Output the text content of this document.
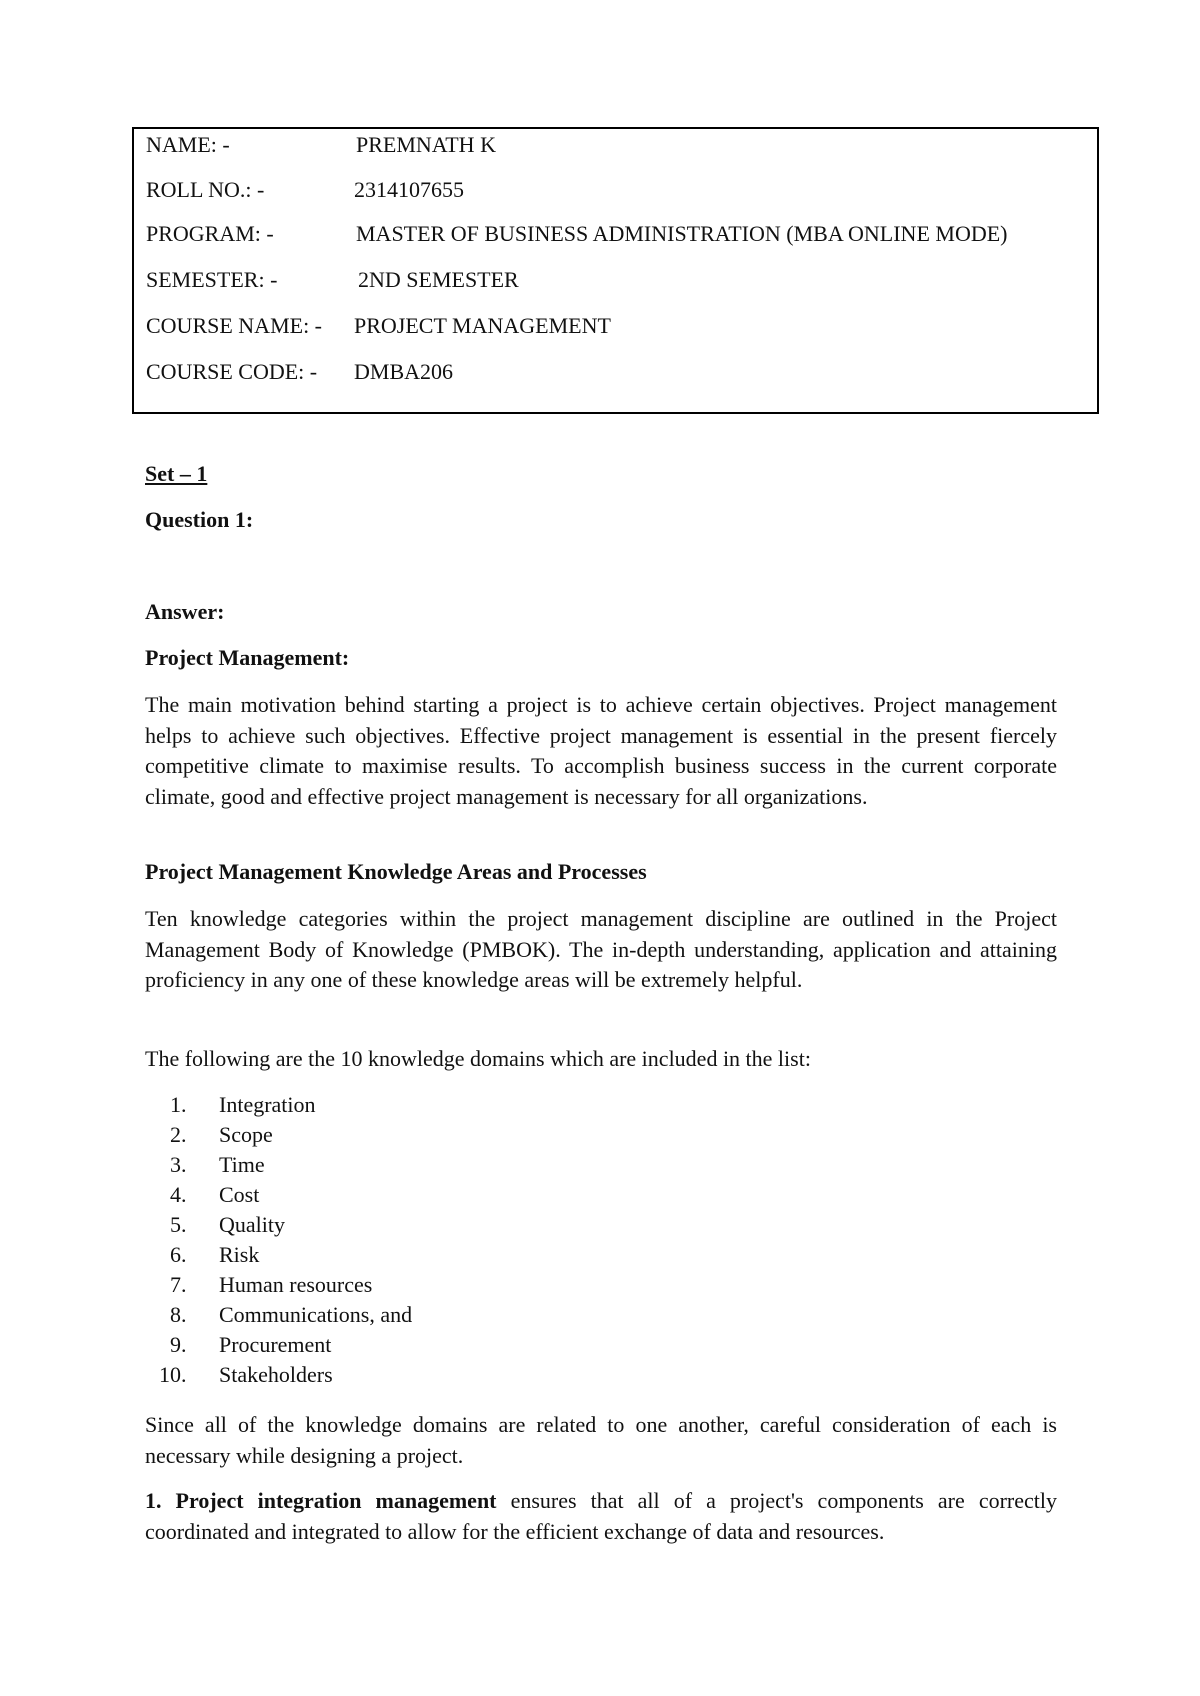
NAME: -	PREMNATH K
ROLL NO.: -	2314107655
PROGRAM: -	MASTER OF BUSINESS ADMINISTRATION (MBA ONLINE MODE)
SEMESTER: -	2ND SEMESTER
COURSE NAME: - PROJECT MANAGEMENT
COURSE CODE: - DMBA206
Set – 1
Question 1:
Answer:
Project Management:
The main motivation behind starting a project is to achieve certain objectives. Project management helps to achieve such objectives. Effective project management is essential in the present fiercely competitive climate to maximise results. To accomplish business success in the current corporate climate, good and effective project management is necessary for all organizations.
Project Management Knowledge Areas and Processes
Ten knowledge categories within the project management discipline are outlined in the Project Management Body of Knowledge (PMBOK). The in-depth understanding, application and attaining proficiency in any one of these knowledge areas will be extremely helpful.
The following are the 10 knowledge domains which are included in the list:
1. Integration
2. Scope
3. Time
4. Cost
5. Quality
6. Risk
7. Human resources
8. Communications, and
9. Procurement
10. Stakeholders
Since all of the knowledge domains are related to one another, careful consideration of each is necessary while designing a project.
1. Project integration management ensures that all of a project's components are correctly coordinated and integrated to allow for the efficient exchange of data and resources.
